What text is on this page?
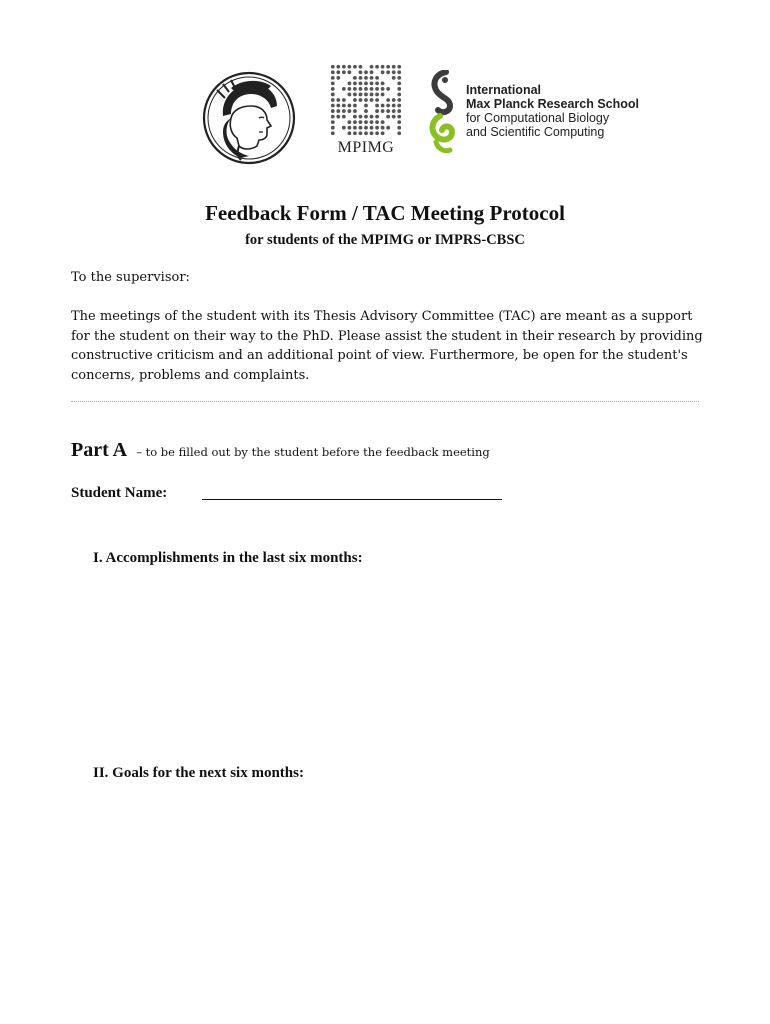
MPIMG
International
Max Planck Research School
for Computational Biology
and Scientific Computing
Feedback Form / TAC Meeting Protocol
for students of the MPIMG or IMPRS-CBSC
To the supervisor:
The meetings of the student with its Thesis Advisory Committee (TAC) are meant as a support
for the student on their way to the PhD. Please assist the student in their research by providing
constructive criticism and an additional point of view. Furthermore, be open for the student's
concerns, problems and complaints.
Part A – to be filled out by the student before the feedback meeting
Student Name:
I. Accomplishments in the last six months:
II. Goals for the next six months:
